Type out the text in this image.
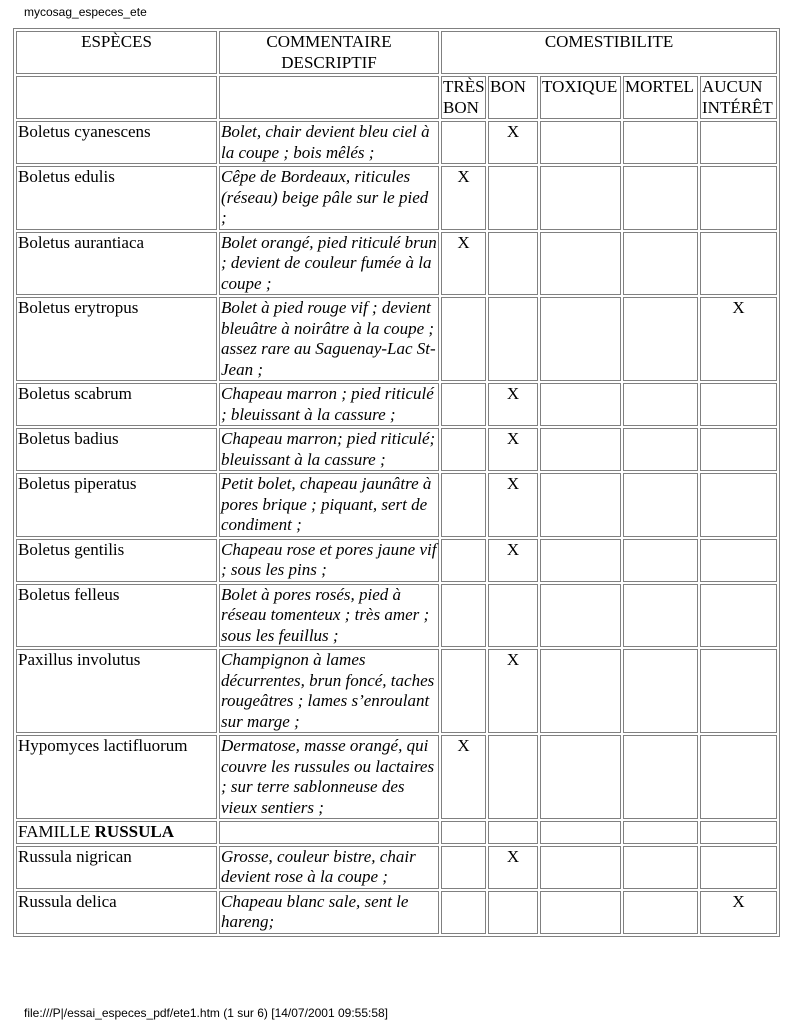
mycosag_especes_ete
ESPÈCES	COMMENTAIRE DESCRIPTIF	COMESTIBILITE				
		TRÈS BON	BON	TOXIQUE	MORTEL	AUCUN INTÉRÊT
Boletus cyanescens	Bolet, chair devient bleu ciel à la coupe ; bois mêlés ;		X			
Boletus edulis	Cêpe de Bordeaux, riticules (réseau) beige pâle sur le pied ;	X				
Boletus aurantiaca	Bolet orangé, pied riticulé brun ; devient de couleur fumée à la coupe ;	X				
Boletus erytropus	Bolet à pied rouge vif ; devient bleuâtre à noirâtre à la coupe ; assez rare au Saguenay-Lac St-Jean ;					X
Boletus scabrum	Chapeau marron ; pied riticulé ; bleuissant à la cassure ;		X			
Boletus badius	Chapeau marron; pied riticulé; bleuissant à la cassure ;		X			
Boletus piperatus	Petit bolet, chapeau jaunâtre à pores brique ; piquant, sert de condiment ;		X			
Boletus gentilis	Chapeau rose et pores jaune vif ; sous les pins ;		X			
Boletus felleus	Bolet à pores rosés, pied à réseau tomenteux ; très amer ; sous les feuillus ;					
Paxillus involutus	Champignon à lames décurrentes, brun foncé, taches rougeâtres ; lames s’enroulant sur marge ;		X			
Hypomyces lactifluorum	Dermatose, masse orangé, qui couvre les russules ou lactaires ; sur terre sablonneuse des vieux sentiers ;	X				
FAMILLE RUSSULA						
Russula nigrican	Grosse, couleur bistre, chair devient rose à la coupe ;		X			
Russula delica	Chapeau blanc sale, sent le hareng;					X
file:///P|/essai_especes_pdf/ete1.htm (1 sur 6) [14/07/2001 09:55:58]
